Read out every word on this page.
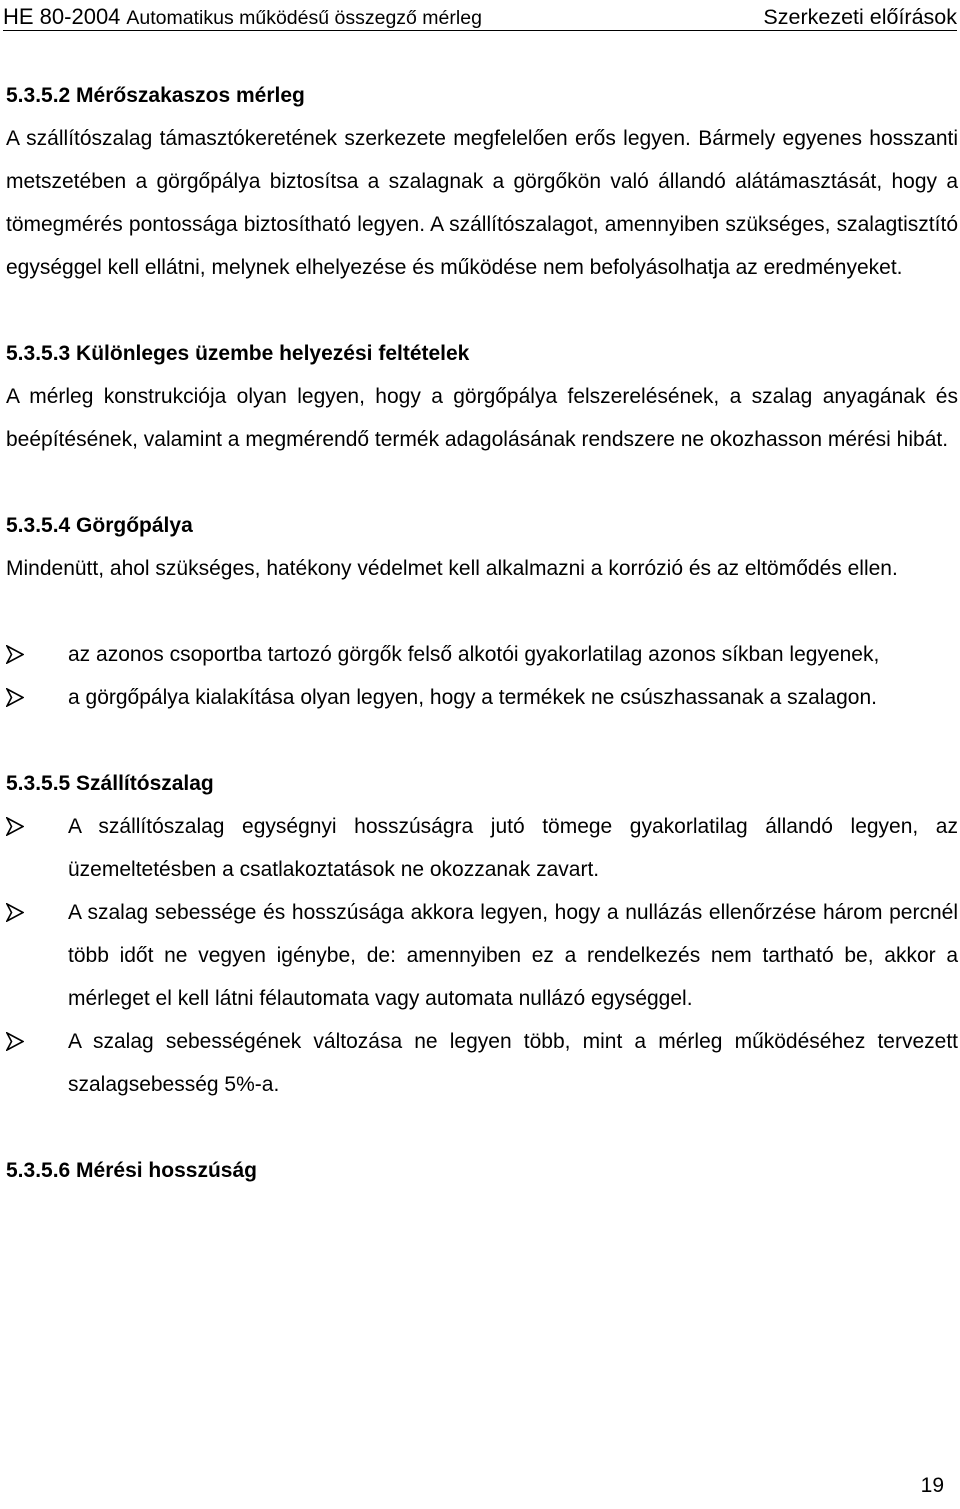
HE 80-2004 Automatikus működésű összegző mérleg	Szerkezeti előírások

5.3.5.2 Mérőszakaszos mérleg

A szállítószalag támasztókeretének szerkezete megfelelően erős legyen. Bármely egyenes hosszanti metszetében a görgőpálya biztosítsa a szalagnak a görgőkön való állandó alátámasztását, hogy a tömegmérés pontossága biztosítható legyen. A szállítószalagot, amennyiben szükséges, szalagtisztító egységgel kell ellátni, melynek elhelyezése és működése nem befolyásolhatja az eredményeket.

5.3.5.3 Különleges üzembe helyezési feltételek

A mérleg konstrukciója olyan legyen, hogy a görgőpálya felszerelésének, a szalag anyagának és beépítésének, valamint a megmérendő termék adagolásának rendszere ne okozhasson mérési hibát.

5.3.5.4 Görgőpálya

Mindenütt, ahol szükséges, hatékony védelmet kell alkalmazni a korrózió és az eltömődés ellen.

az azonos csoportba tartozó görgők felső alkotói gyakorlatilag azonos síkban legyenek,
a görgőpálya kialakítása olyan legyen, hogy a termékek ne csúszhassanak a szalagon.

5.3.5.5 Szállítószalag

A szállítószalag egységnyi hosszúságra jutó tömege gyakorlatilag állandó legyen, az üzemeltetésben a csatlakoztatások ne okozzanak zavart.
A szalag sebessége és hosszúsága akkora legyen, hogy a nullázás ellenőrzése három percnél több időt ne vegyen igénybe, de: amennyiben ez a rendelkezés nem tartható be, akkor a mérleget el kell látni félautomata vagy automata nullázó egységgel.
A szalag sebességének változása ne legyen több, mint a mérleg működéséhez tervezett szalagsebesség 5%-a.

5.3.5.6 Mérési hosszúság

19
